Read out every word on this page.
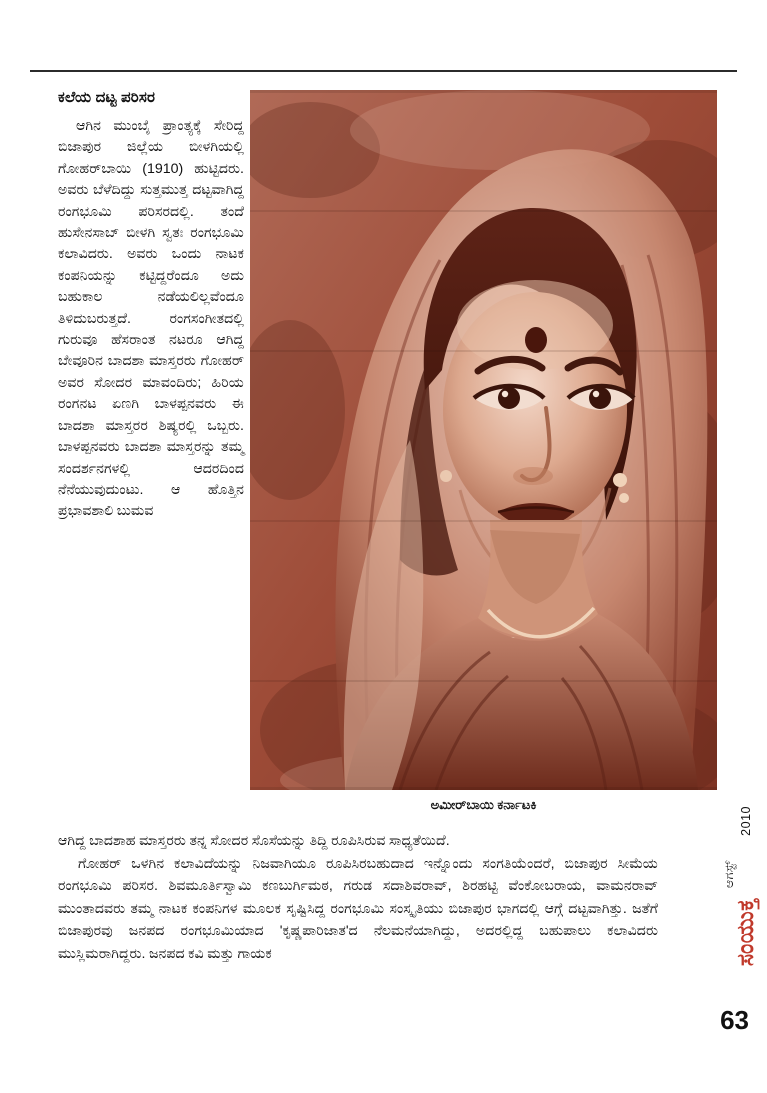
ಕಲೆಯ ದಟ್ಟ ಪರಿಸರ
ಆಗಿನ ಮುಂಬೈ ಪ್ರಾಂತ್ಯಕ್ಕೆ ಸೇರಿದ್ದ ಬಿಜಾಪುರ ಜಿಲ್ಲೆಯ ಬೀಳಗಿಯಲ್ಲಿ ಗೋಹರ್‌ಬಾಯಿ (1910) ಹುಟ್ಟಿದರು. ಅವರು ಬೆಳೆದಿದ್ದು ಸುತ್ತಮುತ್ತ ದಟ್ಟವಾಗಿದ್ದ ರಂಗಭೂಮಿ ಪರಿಸರದಲ್ಲಿ. ತಂದೆ ಹುಸೇನಸಾಬ್ ಬೀಳಗಿ ಸ್ವತಃ ರಂಗಭೂಮಿ ಕಲಾವಿದರು. ಅವರು ಒಂದು ನಾಟಕ ಕಂಪನಿಯನ್ನು ಕಟ್ಟಿದ್ದರೆಂದೂ ಅದು ಬಹುಕಾಲ ನಡೆಯಲಿಲ್ಲವೆಂದೂ ತಿಳಿದುಬರುತ್ತದೆ. ರಂಗಸಂಗೀತದಲ್ಲಿ ಗುರುವೂ ಹೆಸರಾಂತ ನಟರೂ ಆಗಿದ್ದ ಬೇವೂರಿನ ಬಾದಶಾ ಮಾಸ್ತರರು ಗೋಹರ್ ಅವರ ಸೋದರ ಮಾವಂದಿರು; ಹಿರಿಯ ರಂಗನಟ ಏಣಗಿ ಬಾಳಪ್ಪನವರು ಈ ಬಾದಶಾ ಮಾಸ್ತರರ ಶಿಷ್ಯರಲ್ಲಿ ಒಬ್ಬರು. ಬಾಳಪ್ಪನವರು ಬಾದಶಾ ಮಾಸ್ತರನ್ನು ತಮ್ಮ ಸಂದರ್ಶನಗಳಲ್ಲಿ ಆದರದಿಂದ ನೆನೆಯುವುದುಂಟು. ಆ ಹೊತ್ತಿನ ಪ್ರಭಾವಶಾಲಿ ಬುಮವ
ಅಮೀರ್‌ಬಾಯಿ ಕರ್ನಾಟಕಿ
ಆಗಿದ್ದ ಬಾದಶಾಹ ಮಾಸ್ತರರು ತನ್ನ ಸೋದರ ಸೊಸೆಯನ್ನು ತಿದ್ದಿ ರೂಪಿಸಿರುವ ಸಾಧ್ಯತೆಯಿದೆ.
ಗೋಹರ್ ಒಳಗಿನ ಕಲಾವಿದೆಯನ್ನು ನಿಜವಾಗಿಯೂ ರೂಪಿಸಿರಬಹುದಾದ ಇನ್ನೊಂದು ಸಂಗತಿಯೆಂದರೆ, ಬಿಜಾಪುರ ಸೀಮೆಯ ರಂಗಭೂಮಿ ಪರಿಸರ. ಶಿವಮೂರ್ತಿಸ್ವಾಮಿ ಕಣಬುರ್ಗಿಮಠ, ಗರುಡ ಸದಾಶಿವರಾವ್, ಶಿರಹಟ್ಟಿ ವೆಂಕೋಬರಾಯ, ವಾಮನರಾವ್ ಮುಂತಾದವರು ತಮ್ಮ ನಾಟಕ ಕಂಪನಿಗಳ ಮೂಲಕ ಸೃಷ್ಟಿಸಿದ್ದ ರಂಗಭೂಮಿ ಸಂಸ್ಕೃತಿಯು ಬಿಜಾಪುರ ಭಾಗದಲ್ಲಿ ಆಗ್ಗೆ ದಟ್ಟವಾಗಿತ್ತು. ಜತೆಗೆ ಬಿಜಾಪುರವು ಜನಪದ ರಂಗಭೂಮಿಯಾದ 'ಕೃಷ್ಣಪಾರಿಜಾತ'ದ ನೆಲಮನೆಯಾಗಿದ್ದು, ಅದರಲ್ಲಿದ್ದ ಬಹುಪಾಲು ಕಲಾವಿದರು ಮುಸ್ಲಿಮರಾಗಿದ್ದರು. ಜನಪದ ಕವಿ ಮತ್ತು ಗಾಯಕ
2010
ಆಗಸ್ಟ್
ಸಂಯುಕ್ತ
63
